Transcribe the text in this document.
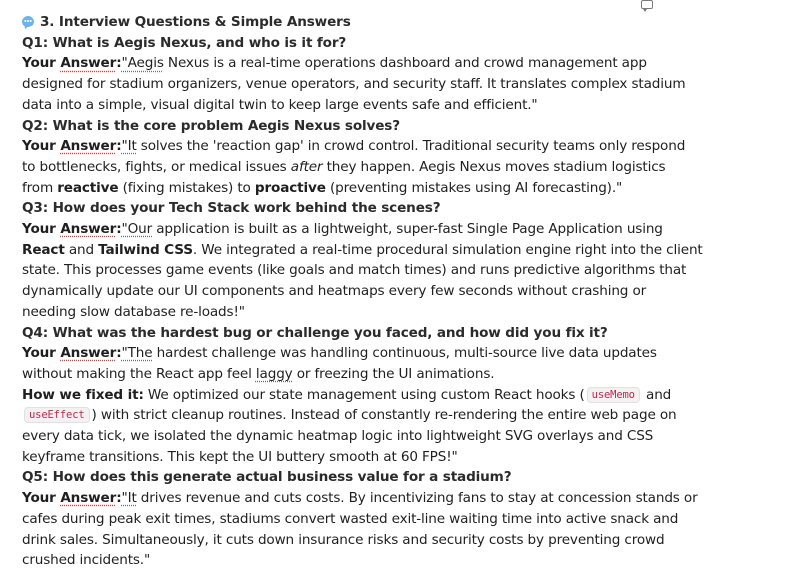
3. Interview Questions & Simple Answers
Q1: What is Aegis Nexus, and who is it for?
Your Answer:"Aegis Nexus is a real-time operations dashboard and crowd management app
designed for stadium organizers, venue operators, and security staff. It translates complex stadium
data into a simple, visual digital twin to keep large events safe and efficient."
Q2: What is the core problem Aegis Nexus solves?
Your Answer:"It solves the 'reaction gap' in crowd control. Traditional security teams only respond
to bottlenecks, fights, or medical issues after they happen. Aegis Nexus moves stadium logistics
from reactive (fixing mistakes) to proactive (preventing mistakes using AI forecasting)."
Q3: How does your Tech Stack work behind the scenes?
Your Answer:"Our application is built as a lightweight, super-fast Single Page Application using
React and Tailwind CSS. We integrated a real-time procedural simulation engine right into the client
state. This processes game events (like goals and match times) and runs predictive algorithms that
dynamically update our UI components and heatmaps every few seconds without crashing or
needing slow database re-loads!"
Q4: What was the hardest bug or challenge you faced, and how did you fix it?
Your Answer:"The hardest challenge was handling continuous, multi-source live data updates
without making the React app feel laggy or freezing the UI animations.
How we fixed it: We optimized our state management using custom React hooks ( useMemo and
useEffect ) with strict cleanup routines. Instead of constantly re-rendering the entire web page on
every data tick, we isolated the dynamic heatmap logic into lightweight SVG overlays and CSS
keyframe transitions. This kept the UI buttery smooth at 60 FPS!"
Q5: How does this generate actual business value for a stadium?
Your Answer:"It drives revenue and cuts costs. By incentivizing fans to stay at concession stands or
cafes during peak exit times, stadiums convert wasted exit-line waiting time into active snack and
drink sales. Simultaneously, it cuts down insurance risks and security costs by preventing crowd
crushed incidents."
